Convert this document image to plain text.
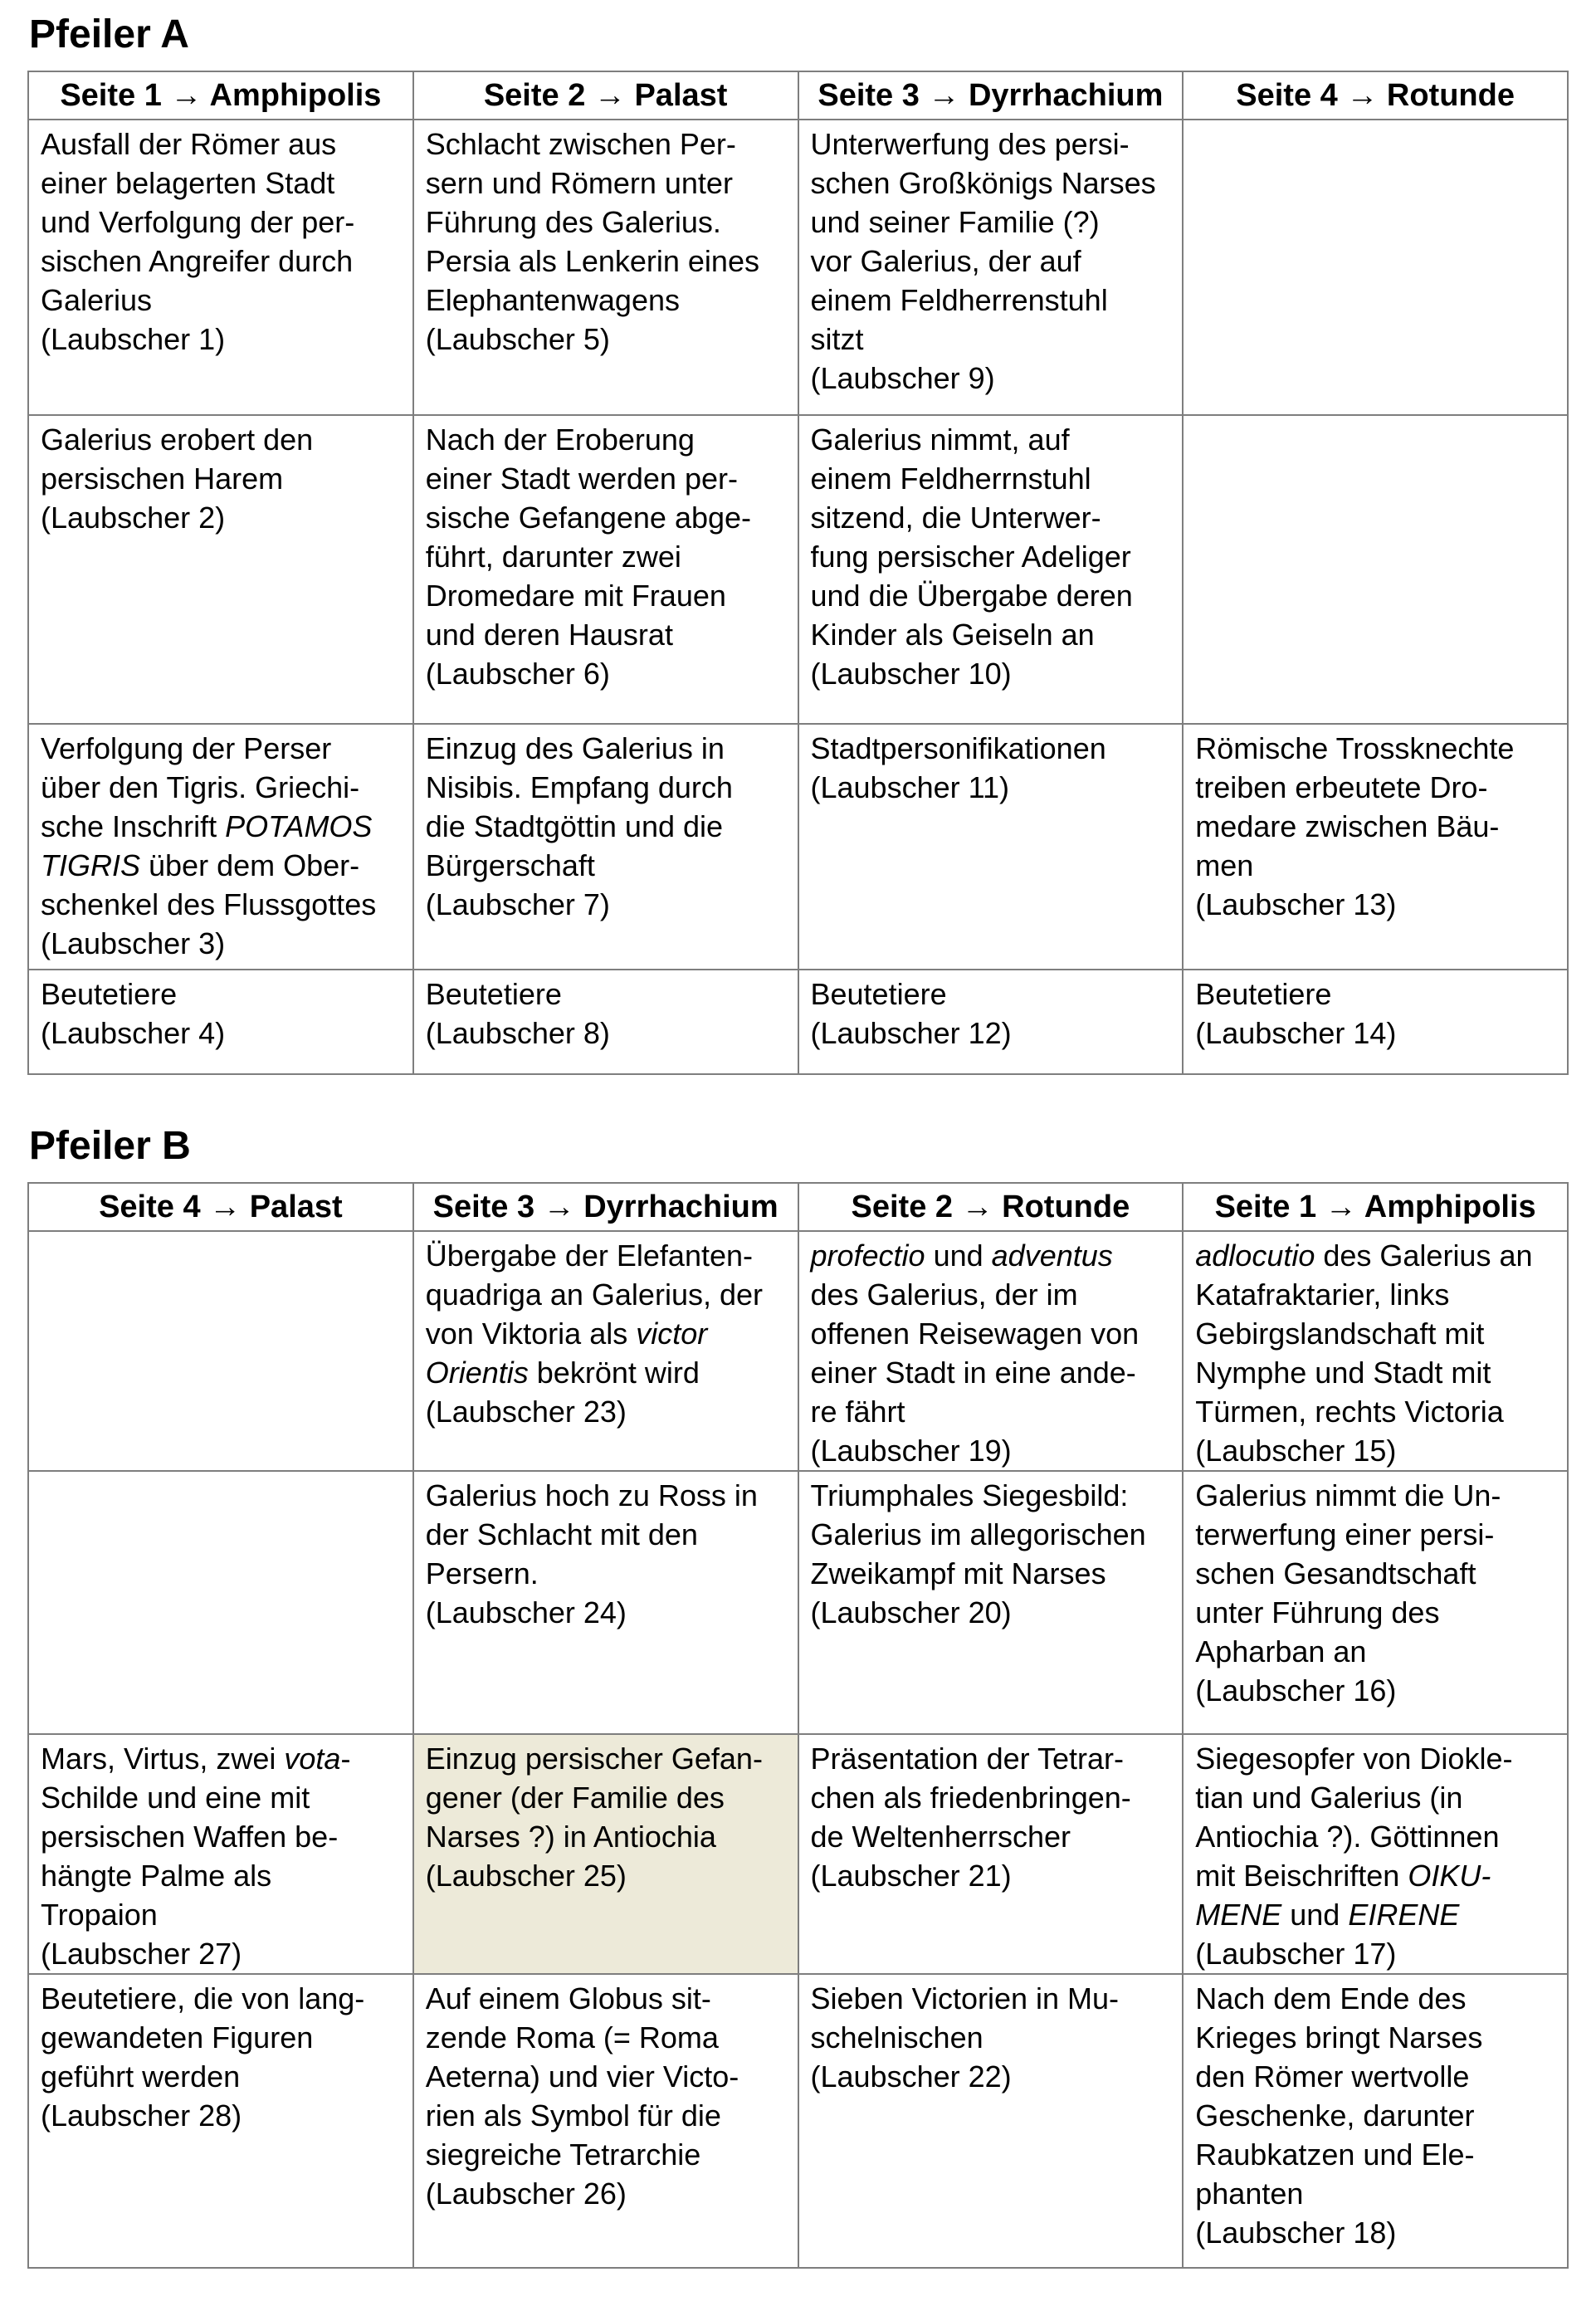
Pfeiler A
Seite 1 → Amphipolis	Seite 2 → Palast	Seite 3 → Dyrrhachium	Seite 4 → Rotunde
Ausfall der Römer aus
einer belagerten Stadt
und Verfolgung der per-
sischen Angreifer durch
Galerius
(Laubscher 1)	Schlacht zwischen Per-
sern und Römern unter
Führung des Galerius.
Persia als Lenkerin eines
Elephantenwagens
(Laubscher 5)	Unterwerfung des persi-
schen Großkönigs Narses
und seiner Familie (?)
vor Galerius, der auf
einem Feldherrenstuhl
sitzt
(Laubscher 9)	
Galerius erobert den
persischen Harem
(Laubscher 2)	Nach der Eroberung
einer Stadt werden per-
sische Gefangene abge-
führt, darunter zwei
Dromedare mit Frauen
und deren Hausrat
(Laubscher 6)	Galerius nimmt, auf
einem Feldherrnstuhl
sitzend, die Unterwer-
fung persischer Adeliger
und die Übergabe deren
Kinder als Geiseln an
(Laubscher 10)	
Verfolgung der Perser
über den Tigris. Griechi-
sche Inschrift POTAMOS
TIGRIS über dem Ober-
schenkel des Flussgottes
(Laubscher 3)	Einzug des Galerius in
Nisibis. Empfang durch
die Stadtgöttin und die
Bürgerschaft
(Laubscher 7)	Stadtpersonifikationen
(Laubscher 11)	Römische Trossknechte
treiben erbeutete Dro-
medare zwischen Bäu-
men
(Laubscher 13)
Beutetiere
(Laubscher 4)	Beutetiere
(Laubscher 8)	Beutetiere
(Laubscher 12)	Beutetiere
(Laubscher 14)
Pfeiler B
Seite 4 → Palast	Seite 3 → Dyrrhachium	Seite 2 → Rotunde	Seite 1 → Amphipolis
	Übergabe der Elefanten-
quadriga an Galerius, der
von Viktoria als victor
Orientis bekrönt wird
(Laubscher 23)	profectio und adventus
des Galerius, der im
offenen Reisewagen von
einer Stadt in eine ande-
re fährt
(Laubscher 19)	adlocutio des Galerius an
Katafraktarier, links
Gebirgslandschaft mit
Nymphe und Stadt mit
Türmen, rechts Victoria
(Laubscher 15)
	Galerius hoch zu Ross in
der Schlacht mit den
Persern.
(Laubscher 24)	Triumphales Siegesbild:
Galerius im allegorischen
Zweikampf mit Narses
(Laubscher 20)	Galerius nimmt die Un-
terwerfung einer persi-
schen Gesandtschaft
unter Führung des
Apharban an
(Laubscher 16)
Mars, Virtus, zwei vota-
Schilde und eine mit
persischen Waffen be-
hängte Palme als
Tropaion
(Laubscher 27)	Einzug persischer Gefan-
gener (der Familie des
Narses ?) in Antiochia
(Laubscher 25)	Präsentation der Tetrar-
chen als friedenbringen-
de Weltenherrscher
(Laubscher 21)	Siegesopfer von Diokle-
tian und Galerius (in
Antiochia ?). Göttinnen
mit Beischriften OIKU-
MENE und EIRENE
(Laubscher 17)
Beutetiere, die von lang-
gewandeten Figuren
geführt werden
(Laubscher 28)	Auf einem Globus sit-
zende Roma (= Roma
Aeterna) und vier Victo-
rien als Symbol für die
siegreiche Tetrarchie
(Laubscher 26)	Sieben Victorien in Mu-
schelnischen
(Laubscher 22)	Nach dem Ende des
Krieges bringt Narses
den Römer wertvolle
Geschenke, darunter
Raubkatzen und Ele-
phanten
(Laubscher 18)
